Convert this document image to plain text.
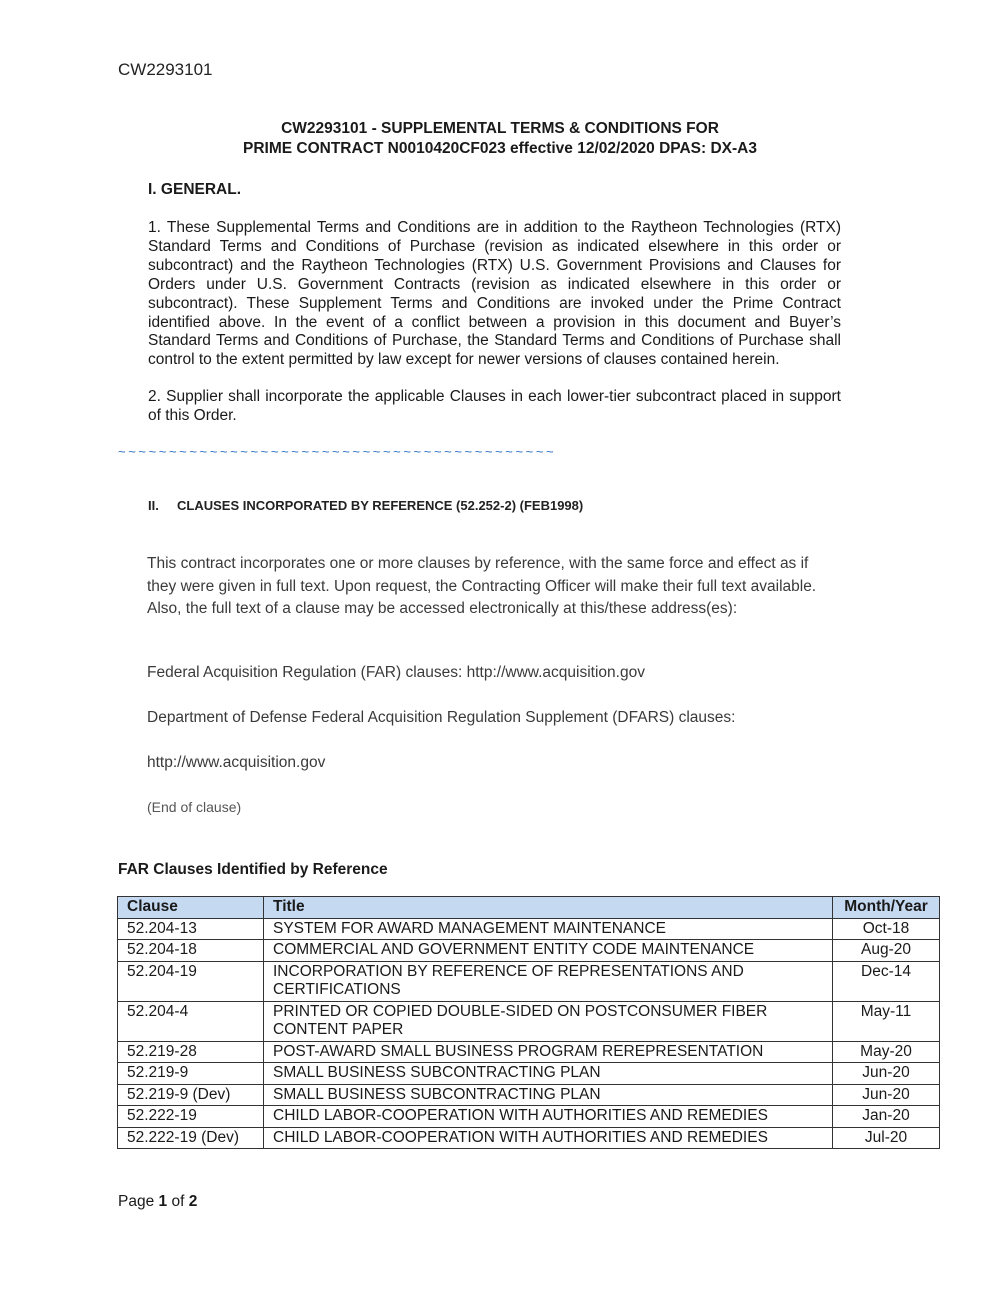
CW2293101
CW2293101 - SUPPLEMENTAL TERMS & CONDITIONS FOR
PRIME CONTRACT N0010420CF023 effective 12/02/2020 DPAS: DX-A3
I. GENERAL.
1. These Supplemental Terms and Conditions are in addition to the Raytheon Technologies (RTX) Standard Terms and Conditions of Purchase (revision as indicated elsewhere in this order or subcontract) and the Raytheon Technologies (RTX) U.S. Government Provisions and Clauses for Orders under U.S. Government Contracts (revision as indicated elsewhere in this order or subcontract). These Supplement Terms and Conditions are invoked under the Prime Contract identified above. In the event of a conflict between a provision in this document and Buyer’s Standard Terms and Conditions of Purchase, the Standard Terms and Conditions of Purchase shall control to the extent permitted by law except for newer versions of clauses contained herein.
2. Supplier shall incorporate the applicable Clauses in each lower-tier subcontract placed in support of this Order.
~~~~~~~~~~~~~~~~~~~~~~~~~~~~~~~~~~~~~~~~~~~
II. CLAUSES INCORPORATED BY REFERENCE (52.252-2) (FEB1998)
This contract incorporates one or more clauses by reference, with the same force and effect as if they were given in full text. Upon request, the Contracting Officer will make their full text available. Also, the full text of a clause may be accessed electronically at this/these address(es):
Federal Acquisition Regulation (FAR) clauses: http://www.acquisition.gov
Department of Defense Federal Acquisition Regulation Supplement (DFARS) clauses:
http://www.acquisition.gov
(End of clause)
FAR Clauses Identified by Reference
Clause	Title	Month/Year
52.204-13	SYSTEM FOR AWARD MANAGEMENT MAINTENANCE	Oct-18
52.204-18	COMMERCIAL AND GOVERNMENT ENTITY CODE MAINTENANCE	Aug-20
52.204-19	INCORPORATION BY REFERENCE OF REPRESENTATIONS AND CERTIFICATIONS	Dec-14
52.204-4	PRINTED OR COPIED DOUBLE-SIDED ON POSTCONSUMER FIBER CONTENT PAPER	May-11
52.219-28	POST-AWARD SMALL BUSINESS PROGRAM REREPRESENTATION	May-20
52.219-9	SMALL BUSINESS SUBCONTRACTING PLAN	Jun-20
52.219-9 (Dev)	SMALL BUSINESS SUBCONTRACTING PLAN	Jun-20
52.222-19	CHILD LABOR-COOPERATION WITH AUTHORITIES AND REMEDIES	Jan-20
52.222-19 (Dev)	CHILD LABOR-COOPERATION WITH AUTHORITIES AND REMEDIES	Jul-20
Page 1 of 2
